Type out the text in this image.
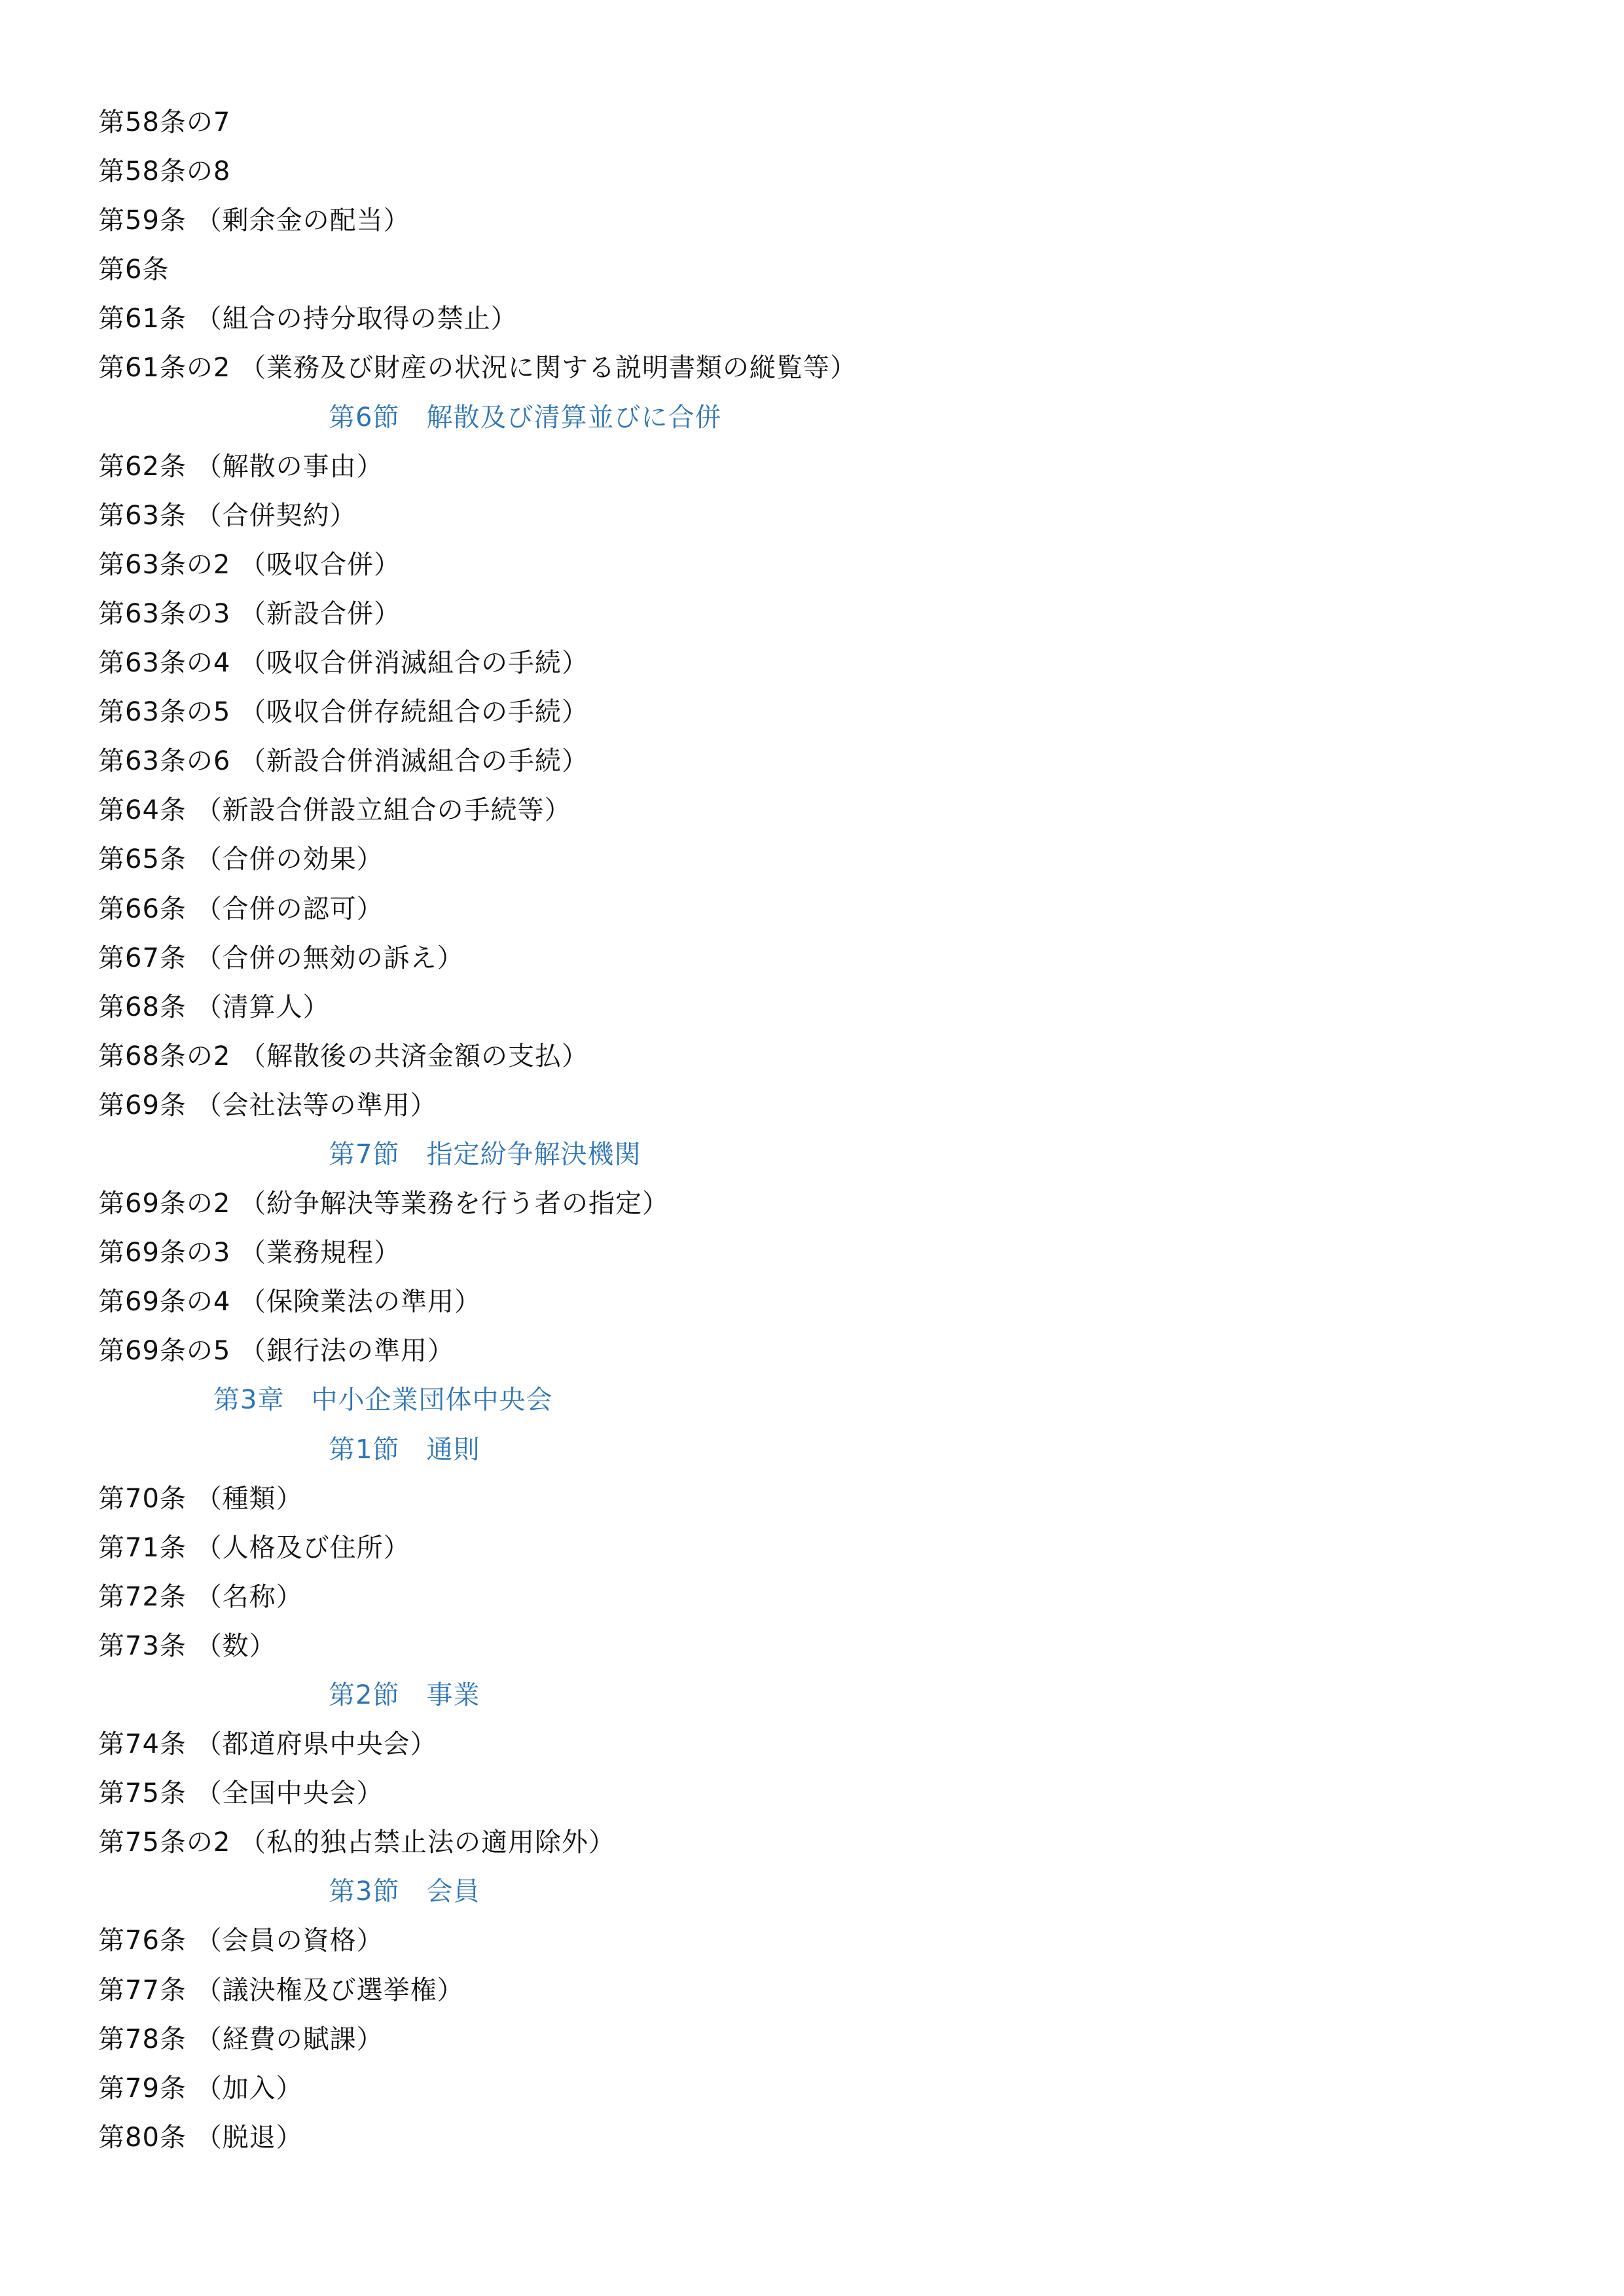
第58条の7
第58条の8
第59条 （剰余金の配当）
第6条
第61条 （組合の持分取得の禁止）
第61条の2 （業務及び財産の状況に関する説明書類の縦覧等）
第6節　解散及び清算並びに合併
第62条 （解散の事由）
第63条 （合併契約）
第63条の2 （吸収合併）
第63条の3 （新設合併）
第63条の4 （吸収合併消滅組合の手続）
第63条の5 （吸収合併存続組合の手続）
第63条の6 （新設合併消滅組合の手続）
第64条 （新設合併設立組合の手続等）
第65条 （合併の効果）
第66条 （合併の認可）
第67条 （合併の無効の訴え）
第68条 （清算人）
第68条の2 （解散後の共済金額の支払）
第69条 （会社法等の準用）
第7節　指定紛争解決機関
第69条の2 （紛争解決等業務を行う者の指定）
第69条の3 （業務規程）
第69条の4 （保険業法の準用）
第69条の5 （銀行法の準用）
第3章　中小企業団体中央会
第1節　通則
第70条 （種類）
第71条 （人格及び住所）
第72条 （名称）
第73条 （数）
第2節　事業
第74条 （都道府県中央会）
第75条 （全国中央会）
第75条の2 （私的独占禁止法の適用除外）
第3節　会員
第76条 （会員の資格）
第77条 （議決権及び選挙権）
第78条 （経費の賦課）
第79条 （加入）
第80条 （脱退）
